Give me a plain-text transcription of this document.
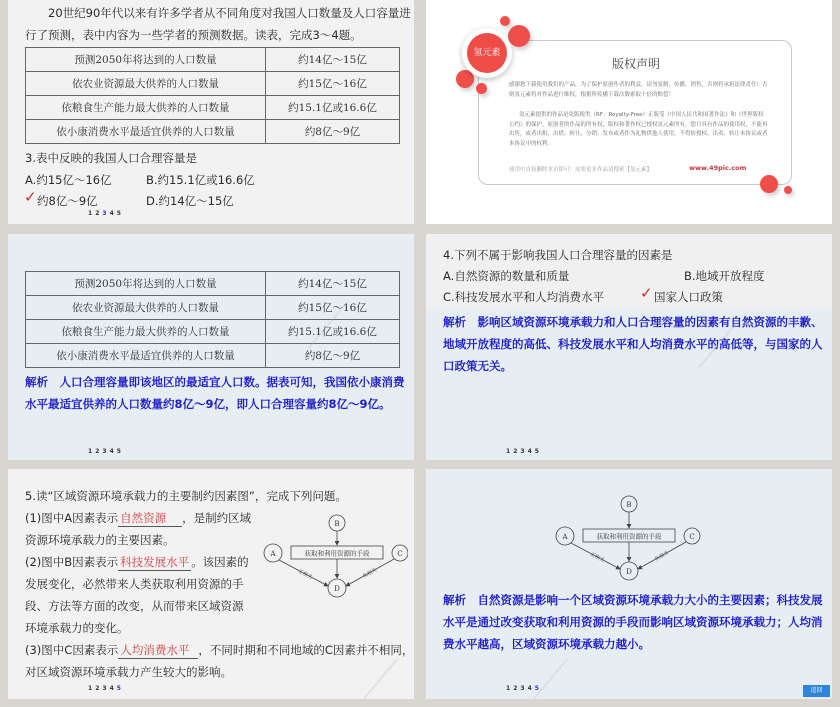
20世纪90年代以来有许多学者从不同角度对我国人口数量及人口容量进
行了预测，表中内容为一些学者的预测数据。读表，完成3～4题。
预测2050年将达到的人口数量	约14亿～15亿
依农业资源最大供养的人口数量	约15亿～16亿
依粮食生产能力最大供养的人口数量	约15.1亿或16.6亿
依小康消费水平最适宜供养的人口数量	约8亿～9亿
3.表中反映的我国人口合理容量是
A.约15亿～16亿	B.约15.1亿或16.6亿
✓ 约8亿～9亿	D.约14亿～15亿
12345
版权声明
感谢您下载使用我们的产品，为了保护原创作者的利益，请勿复制、传播、销售，否则将承担法律责任！否则氢元素将对作品进行维权，根据所传播下载次数索取十倍的赔偿！
氢元素提供的作品是免版税类（RF：Royalty-Free）正版受《中国人民共和国著作法》和《世界版权公约》的保护，原创者的作品的所有权、版权和著作权已授权氢元素所有，您只具有作品的使用权，不能再出售，或者出租、出借、转让、分销、发布或者作为礼物供他人使用，不得转授权、出卖、转让本协议或者本协议中的权利。
使用中直接删除本页即可！需要更多作品请搜索【氢元素】	www.49pic.com
氢元素
预测2050年将达到的人口数量	约14亿～15亿
依农业资源最大供养的人口数量	约15亿～16亿
依粮食生产能力最大供养的人口数量	约15.1亿或16.6亿
依小康消费水平最适宜供养的人口数量	约8亿～9亿
解析　人口合理容量即该地区的最适宜人口数。据表可知，我国依小康消费
水平最适宜供养的人口数量约8亿～9亿，即人口合理容量约8亿～9亿。
12345
4.下列不属于影响我国人口合理容量的因素是
A.自然资源的数量和质量	B.地域开放程度
C.科技发展水平和人均消费水平 ✓ 国家人口政策
解析　影响区域资源环境承载力和人口合理容量的因素有自然资源的丰歉、
地域开放程度的高低、科技发展水平和人均消费水平的高低等，与国家的人
口政策无关。
12345
5.读“区域资源环境承载力的主要制约因素图”，完成下列问题。
(1)图中A因素表示 自然资源 ，是制约区域
资源环境承载力的主要因素。
(2)图中B因素表示 科技发展水平 。该因素的
发展变化，必然带来人类获取利用资源的手
段、方法等方面的改变，从而带来区域资源
环境承载力的变化。
(3)图中C因素表示 人均消费水平 ，不同时期和不同地域的C因素并不相同，
对区域资源环境承载力产生较大的影响。
B
A	C
D
获取和利用资源的手段
正相关	负相关
12345
B
A	C
D
获取和利用资源的手段
正相关	负相关
解析　自然资源是影响一个区域资源环境承载力大小的主要因素；科技发展
水平是通过改变获取和利用资源的手段而影响区域资源环境承载力；人均消
费水平越高，区域资源环境承载力越小。
12345	返回
